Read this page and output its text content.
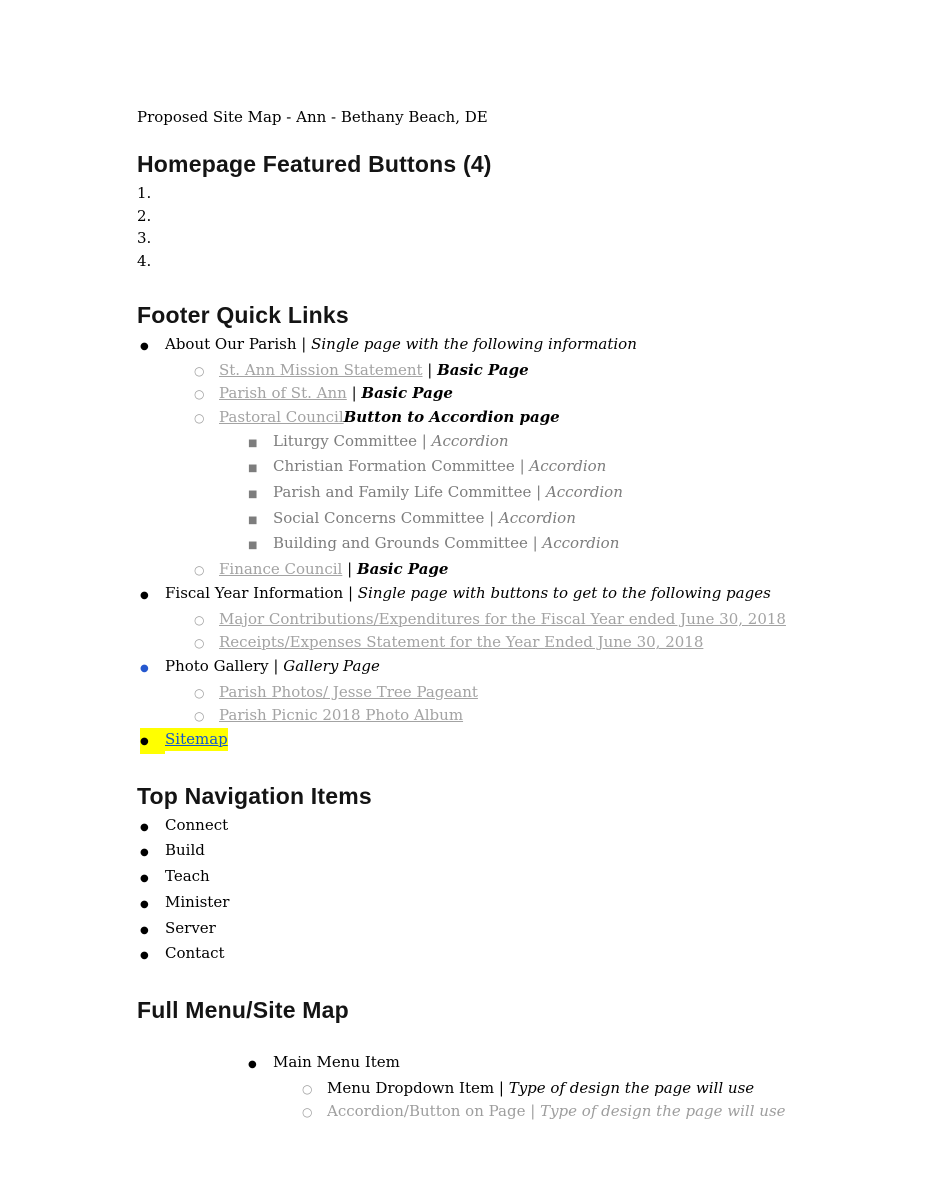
Proposed Site Map - Ann - Bethany Beach, DE

Homepage Featured Buttons (4)
1.
2.
3.
4.
Footer Quick Links
●
About Our Parish | Single page with the following information
○
St. Ann Mission Statement | Basic Page
○
Parish of St. Ann | Basic Page
○
Pastoral CouncilButton to Accordion page
■
Liturgy Committee | Accordion
■
Christian Formation Committee | Accordion
■
Parish and Family Life Committee | Accordion
■
Social Concerns Committee | Accordion
■
Building and Grounds Committee | Accordion
○
Finance Council | Basic Page
●
Fiscal Year Information | Single page with buttons to get to the following pages
○
Major Contributions/Expenditures for the Fiscal Year ended June 30, 2018
○
Receipts/Expenses Statement for the Year Ended June 30, 2018
●
Photo Gallery | Gallery Page
○
Parish Photos/ Jesse Tree Pageant
○
Parish Picnic 2018 Photo Album
●
Sitemap
Top Navigation Items
●
Connect
●
Build
●
Teach
●
Minister
●
Server
●
Contact
Full Menu/Site Map
●
Main Menu Item
○
Menu Dropdown Item | Type of design the page will use
○
Accordion/Button on Page | Type of design the page will use
